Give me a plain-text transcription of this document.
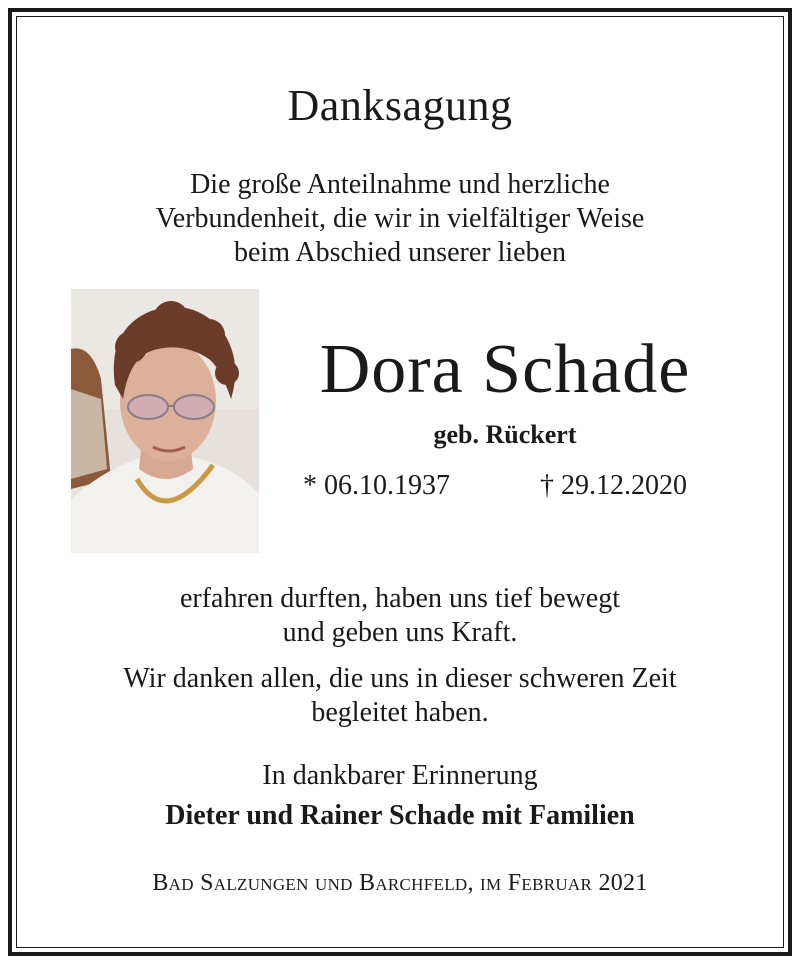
Danksagung
Die große Anteilnahme und herzliche
Verbundenheit, die wir in vielfältiger Weise
beim Abschied unserer lieben
Dora Schade
geb. Rückert
* 06.10.1937	† 29.12.2020
erfahren durften, haben uns tief bewegt
und geben uns Kraft.
Wir danken allen, die uns in dieser schweren Zeit
begleitet haben.
In dankbarer Erinnerung
Dieter und Rainer Schade mit Familien
Bad Salzungen und Barchfeld, im Februar 2021
